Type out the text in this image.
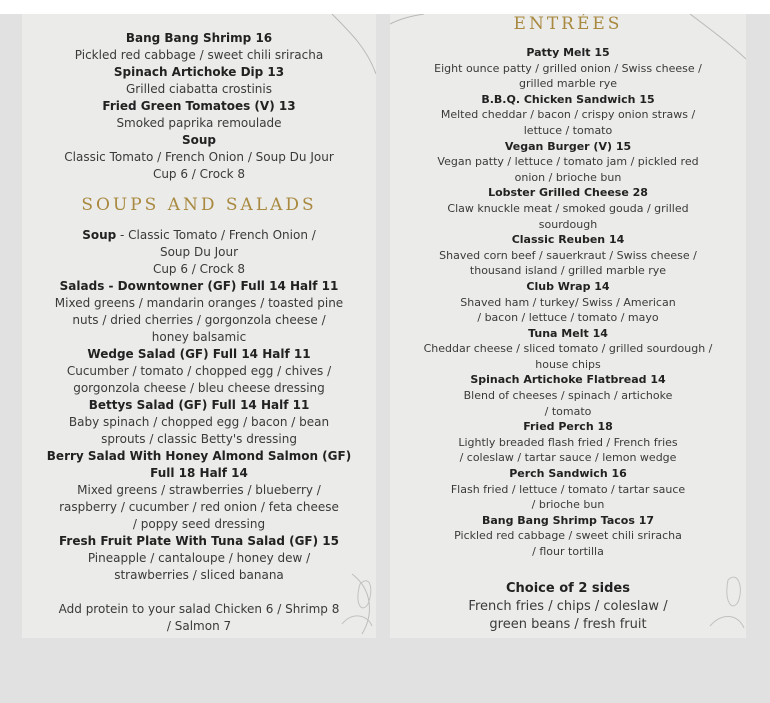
Bang Bang Shrimp 16
Pickled red cabbage / sweet chili sriracha
Spinach Artichoke Dip 13
Grilled ciabatta crostinis
Fried Green Tomatoes (V) 13
Smoked paprika remoulade
Soup
Classic Tomato / French Onion / Soup Du Jour
Cup 6 / Crock 8
SOUPS AND SALADS
Soup - Classic Tomato / French Onion /
Soup Du Jour
Cup 6 / Crock 8
Salads - Downtowner (GF) Full 14 Half 11
Mixed greens / mandarin oranges / toasted pine
nuts / dried cherries / gorgonzola cheese /
honey balsamic
Wedge Salad (GF) Full 14 Half 11
Cucumber / tomato / chopped egg / chives /
gorgonzola cheese / bleu cheese dressing
Bettys Salad (GF) Full 14 Half 11
Baby spinach / chopped egg / bacon / bean
sprouts / classic Betty's dressing
Berry Salad With Honey Almond Salmon (GF)
Full 18 Half 14
Mixed greens / strawberries / blueberry /
raspberry / cucumber / red onion / feta cheese
/ poppy seed dressing
Fresh Fruit Plate With Tuna Salad (GF) 15
Pineapple / cantaloupe / honey dew /
strawberries / sliced banana
Add protein to your salad Chicken 6 / Shrimp 8
/ Salmon 7
ENTRÉES
Patty Melt 15
Eight ounce patty / grilled onion / Swiss cheese /
grilled marble rye
B.B.Q. Chicken Sandwich 15
Melted cheddar / bacon / crispy onion straws /
lettuce / tomato
Vegan Burger (V) 15
Vegan patty / lettuce / tomato jam / pickled red
onion / brioche bun
Lobster Grilled Cheese 28
Claw knuckle meat / smoked gouda / grilled
sourdough
Classic Reuben 14
Shaved corn beef / sauerkraut / Swiss cheese /
thousand island / grilled marble rye
Club Wrap 14
Shaved ham / turkey/ Swiss / American
/ bacon / lettuce / tomato / mayo
Tuna Melt 14
Cheddar cheese / sliced tomato / grilled sourdough /
house chips
Spinach Artichoke Flatbread 14
Blend of cheeses / spinach / artichoke
/ tomato
Fried Perch 18
Lightly breaded flash fried / French fries
/ coleslaw / tartar sauce / lemon wedge
Perch Sandwich 16
Flash fried / lettuce / tomato / tartar sauce
/ brioche bun
Bang Bang Shrimp Tacos 17
Pickled red cabbage / sweet chili sriracha
/ flour tortilla
Choice of 2 sides
French fries / chips / coleslaw /
green beans / fresh fruit
